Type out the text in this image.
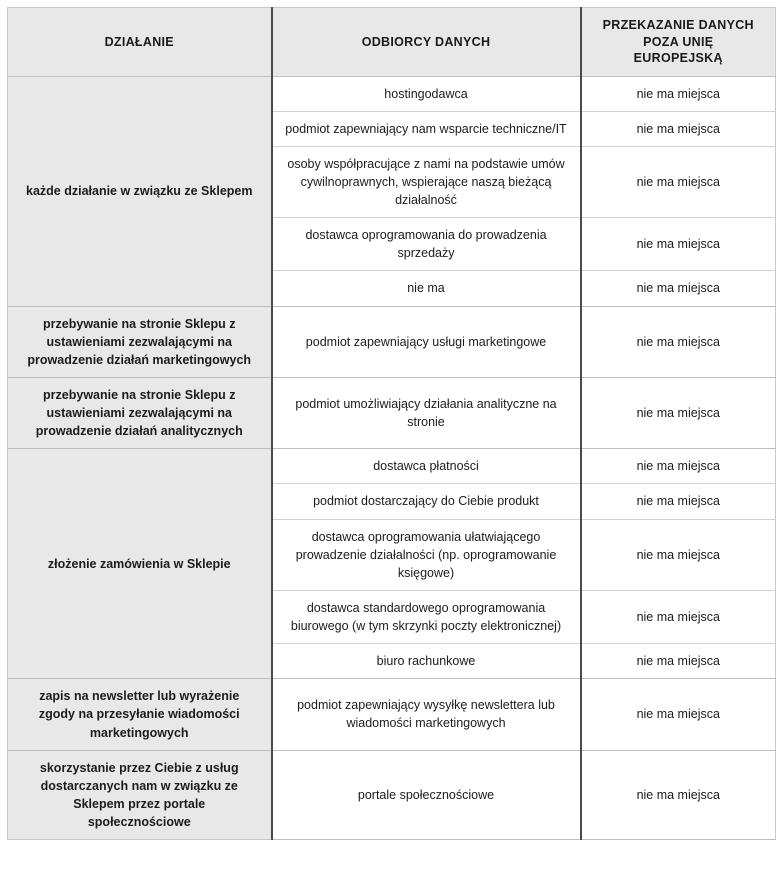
DZIAŁANIE	ODBIORCY DANYCH	PRZEKAZANIE DANYCH
POZA UNIĘ
EUROPEJSKĄ

każde działanie w związku ze Sklepem	hostingodawca	nie ma miejsca
	podmiot zapewniający nam wsparcie techniczne/IT	nie ma miejsca
	osoby współpracujące z nami na podstawie umów cywilnoprawnych, wspierające naszą bieżącą działalność	nie ma miejsca
	dostawca oprogramowania do prowadzenia sprzedaży	nie ma miejsca
	nie ma	nie ma miejsca
przebywanie na stronie Sklepu z ustawieniami zezwalającymi na prowadzenie działań marketingowych	podmiot zapewniający usługi marketingowe	nie ma miejsca
przebywanie na stronie Sklepu z ustawieniami zezwalającymi na prowadzenie działań analitycznych	podmiot umożliwiający działania analityczne na stronie	nie ma miejsca
złożenie zamówienia w Sklepie	dostawca płatności	nie ma miejsca
	podmiot dostarczający do Ciebie produkt	nie ma miejsca
	dostawca oprogramowania ułatwiającego prowadzenie działalności (np. oprogramowanie księgowe)	nie ma miejsca
	dostawca standardowego oprogramowania biurowego (w tym skrzynki poczty elektronicznej)	nie ma miejsca
	biuro rachunkowe	nie ma miejsca
zapis na newsletter lub wyrażenie zgody na przesyłanie wiadomości marketingowych	podmiot zapewniający wysyłkę newslettera lub wiadomości marketingowych	nie ma miejsca
skorzystanie przez Ciebie z usług dostarczanych nam w związku ze Sklepem przez portale społecznościowe	portale społecznościowe	nie ma miejsca
